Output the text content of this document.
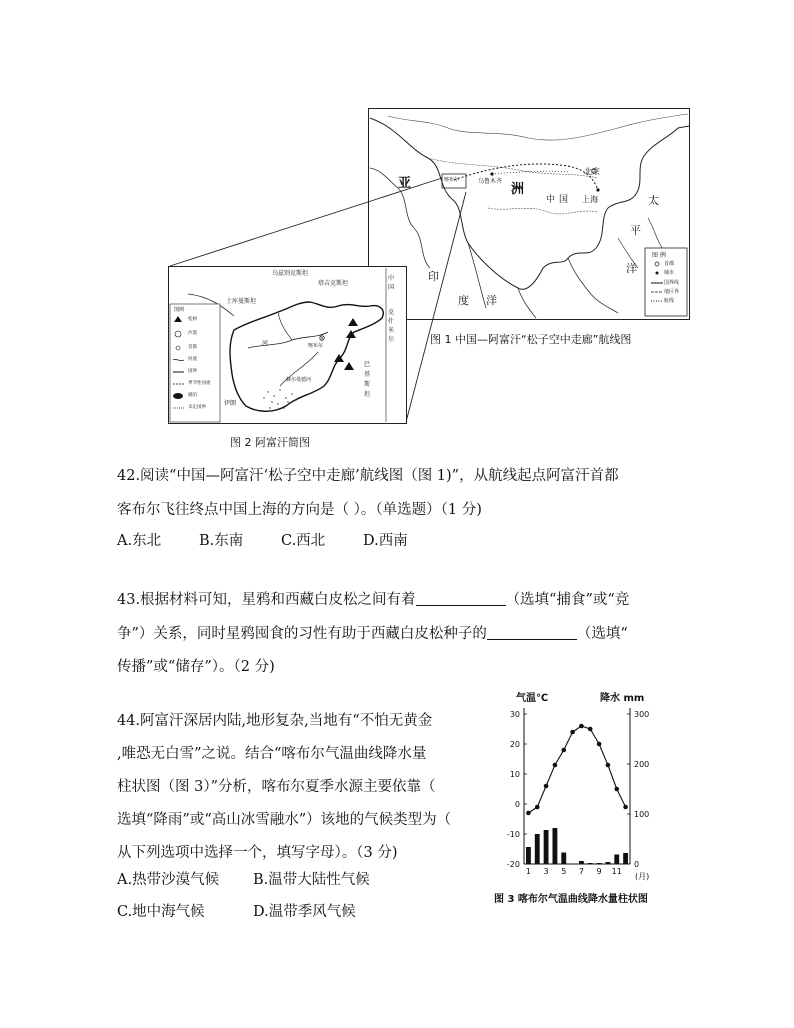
亚	洲
中 国
北京
上海
乌鲁木齐
喀布尔
太
平
洋
印
度 洋
图 例
首都
城市
国界线
地区界
航线
乌兹别克斯坦
塔吉克斯坦
土库曼斯坦
伊朗
巴基斯坦
喀布尔
河
赫尔曼德河
中国
克什米尔
图例
松树
沙漠
首都
河流
国界
季节性河流
湖泊
未定国界
图 1 中国—阿富汗“松子空中走廊”航线图
图 2 阿富汗简图
42.阅读“中国—阿富汗‘松子空中走廊’航线图（图 1)”，从航线起点阿富汗首都
客布尔飞往终点中国上海的方向是（ ）。（单选题）（1 分)
A.东北	B.东南	C.西北	D.西南
43.根据材料可知，星鸦和西藏白皮松之间有着	（选填“捕食”或“竞
争”）关系，同时星鸦囤食的习性有助于西藏白皮松种子的	（选填“
传播”或“储存”）。（2 分)
44.阿富汗深居内陆,地形复杂,当地有“不怕无黄金
,唯恐无白雪”之说。结合“喀布尔气温曲线降水量
柱状图（图 3）”分析，喀布尔夏季水源主要依靠（
选填“降雨”或“高山冰雪融水”）该地的气候类型为（
从下列选项中选择一个，填写字母）。（3 分)
A.热带沙漠气候 B.温带大陆性气候
C.地中海气候	D.温带季风气候
30
20
10
0
-10
-20
300
200
100
0
1 3 5 7 9 11
气温℃	降水 mm
(月)
图 3 喀布尔气温曲线降水量柱状图
